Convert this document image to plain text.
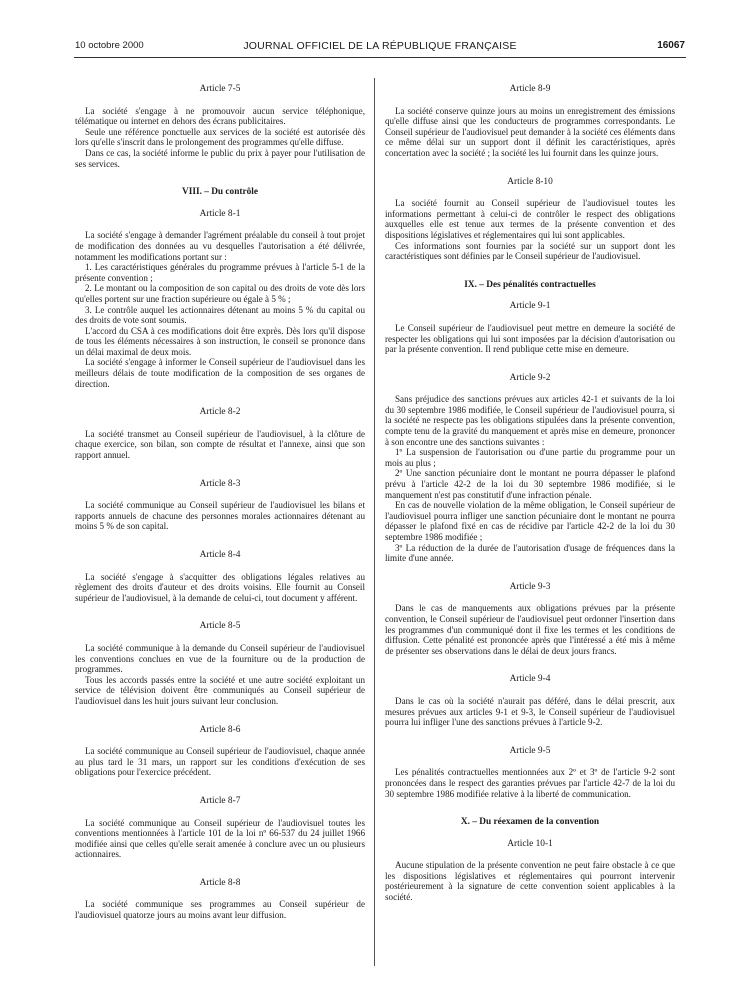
10 octobre 2000	JOURNAL OFFICIEL DE LA RÉPUBLIQUE FRANÇAISE	16067
Article 7-5

La société s'engage à ne promouvoir aucun service téléphonique, télématique ou internet en dehors des écrans publicitaires.

Seule une référence ponctuelle aux services de la société est autorisée dès lors qu'elle s'inscrit dans le prolongement des programmes qu'elle diffuse.

Dans ce cas, la société informe le public du prix à payer pour l'utilisation de ses services.

VIII. – Du contrôle
Article 8-1

La société s'engage à demander l'agrément préalable du conseil à tout projet de modification des données au vu desquelles l'autorisation a été délivrée, notamment les modifications portant sur :

1. Les caractéristiques générales du programme prévues à l'article 5-1 de la présente convention ;

2. Le montant ou la composition de son capital ou des droits de vote dès lors qu'elles portent sur une fraction supérieure ou égale à 5 % ;

3. Le contrôle auquel les actionnaires détenant au moins 5 % du capital ou des droits de vote sont soumis.

L'accord du CSA à ces modifications doit être exprès. Dès lors qu'il dispose de tous les éléments nécessaires à son instruction, le conseil se prononce dans un délai maximal de deux mois.

La société s'engage à informer le Conseil supérieur de l'audiovisuel dans les meilleurs délais de toute modification de la composition de ses organes de direction.

Article 8-2

La société transmet au Conseil supérieur de l'audiovisuel, à la clôture de chaque exercice, son bilan, son compte de résultat et l'annexe, ainsi que son rapport annuel.

Article 8-3

La société communique au Conseil supérieur de l'audiovisuel les bilans et rapports annuels de chacune des personnes morales actionnaires détenant au moins 5 % de son capital.

Article 8-4

La société s'engage à s'acquitter des obligations légales relatives au règlement des droits d'auteur et des droits voisins. Elle fournit au Conseil supérieur de l'audiovisuel, à la demande de celui-ci, tout document y afférent.

Article 8-5

La société communique à la demande du Conseil supérieur de l'audiovisuel les conventions conclues en vue de la fourniture ou de la production de programmes.

Tous les accords passés entre la société et une autre société exploitant un service de télévision doivent être communiqués au Conseil supérieur de l'audiovisuel dans les huit jours suivant leur conclusion.

Article 8-6

La société communique au Conseil supérieur de l'audiovisuel, chaque année au plus tard le 31 mars, un rapport sur les conditions d'exécution de ses obligations pour l'exercice précédent.

Article 8-7

La société communique au Conseil supérieur de l'audiovisuel toutes les conventions mentionnées à l'article 101 de la loi nº 66-537 du 24 juillet 1966 modifiée ainsi que celles qu'elle serait amenée à conclure avec un ou plusieurs actionnaires.

Article 8-8

La société communique ses programmes au Conseil supérieur de l'audiovisuel quatorze jours au moins avant leur diffusion.

Article 8-9

La société conserve quinze jours au moins un enregistrement des émissions qu'elle diffuse ainsi que les conducteurs de programmes correspondants. Le Conseil supérieur de l'audiovisuel peut demander à la société ces éléments dans ce même délai sur un support dont il définit les caractéristiques, après concertation avec la société ; la société les lui fournit dans les quinze jours.

Article 8-10

La société fournit au Conseil supérieur de l'audiovisuel toutes les informations permettant à celui-ci de contrôler le respect des obligations auxquelles elle est tenue aux termes de la présente convention et des dispositions législatives et réglementaires qui lui sont applicables.

Ces informations sont fournies par la société sur un support dont les caractéristiques sont définies par le Conseil supérieur de l'audiovisuel.

IX. – Des pénalités contractuelles
Article 9-1

Le Conseil supérieur de l'audiovisuel peut mettre en demeure la société de respecter les obligations qui lui sont imposées par la décision d'autorisation ou par la présente convention. Il rend publique cette mise en demeure.

Article 9-2

Sans préjudice des sanctions prévues aux articles 42-1 et suivants de la loi du 30 septembre 1986 modifiée, le Conseil supérieur de l'audiovisuel pourra, si la société ne respecte pas les obligations stipulées dans la présente convention, compte tenu de la gravité du manquement et après mise en demeure, prononcer à son encontre une des sanctions suivantes :

1º La suspension de l'autorisation ou d'une partie du programme pour un mois au plus ;

2º Une sanction pécuniaire dont le montant ne pourra dépasser le plafond prévu à l'article 42-2 de la loi du 30 septembre 1986 modifiée, si le manquement n'est pas constitutif d'une infraction pénale.

En cas de nouvelle violation de la même obligation, le Conseil supérieur de l'audiovisuel pourra infliger une sanction pécuniaire dont le montant ne pourra dépasser le plafond fixé en cas de récidive par l'article 42-2 de la loi du 30 septembre 1986 modifiée ;

3º La réduction de la durée de l'autorisation d'usage de fréquences dans la limite d'une année.

Article 9-3

Dans le cas de manquements aux obligations prévues par la présente convention, le Conseil supérieur de l'audiovisuel peut ordonner l'insertion dans les programmes d'un communiqué dont il fixe les termes et les conditions de diffusion. Cette pénalité est prononcée après que l'intéressé a été mis à même de présenter ses observations dans le délai de deux jours francs.

Article 9-4

Dans le cas où la société n'aurait pas déféré, dans le délai prescrit, aux mesures prévues aux articles 9-1 et 9-3, le Conseil supérieur de l'audiovisuel pourra lui infliger l'une des sanctions prévues à l'article 9-2.

Article 9-5

Les pénalités contractuelles mentionnées aux 2º et 3º de l'article 9-2 sont prononcées dans le respect des garanties prévues par l'article 42-7 de la loi du 30 septembre 1986 modifiée relative à la liberté de communication.

X. – Du réexamen de la convention
Article 10-1

Aucune stipulation de la présente convention ne peut faire obstacle à ce que les dispositions législatives et réglementaires qui pourront intervenir postérieurement à la signature de cette convention soient applicables à la société.
